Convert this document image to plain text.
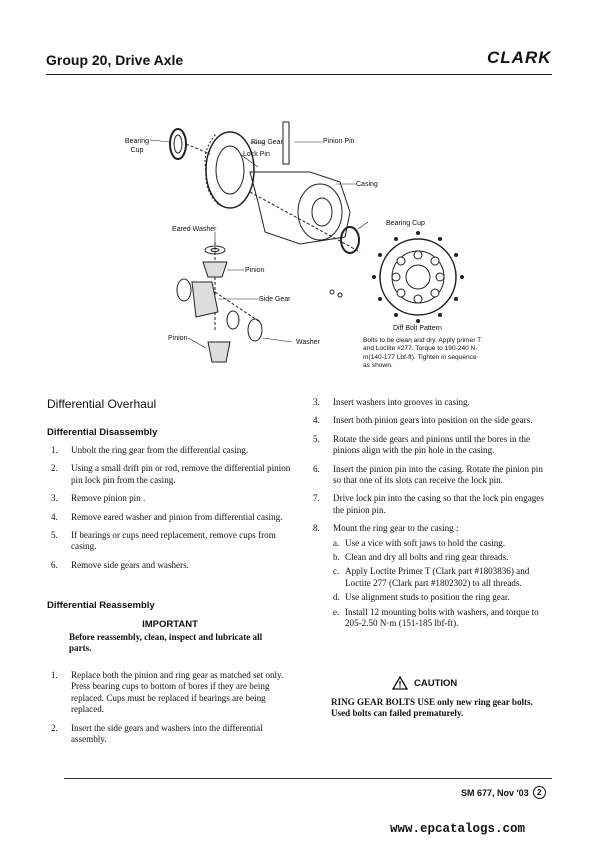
Group 20, Drive Axle	CLARK
Bearing
Cup
Ring Gear	Pinion Pin
Lock Pin
Casing
Eared Washer
Bearing Cup
Pinion
Side Gear
Pinion
Washer
Diff Bolt Pattern
Bolts to be clean and dry. Apply primer T and Loctite #277. Torque to 190-240 N-m(140-177 Lbf-ft). Tighten in sequence as shown.
Differential Overhaul
Differential Disassembly
1. Unbolt the ring gear from the differential casing.
2. Using a small drift pin or rod, remove the differential pinion pin lock pin from the casing.
3. Remove pinion pin .
4. Remove eared washer and pinion from differential casing.
5. If bearings or cups need replacement, remove cups from casing.
6. Remove side gears and washers.
Differential Reassembly
IMPORTANT
Before reassembly, clean, inspect and lubricate all parts.
1. Replace both the pinion and ring gear as matched set only. Press bearing cups to bottom of bores if they are being replaced. Cups must be replaced if bearings are being replaced.
2. Insert the side gears and washers into the differential assembly.
3. Insert washers into grooves in casing.
4. Insert both pinion gears into position on the side gears.
5. Rotate the side gears and pinions until the bores in the pinions align with the pin hole in the casing.
6. Insert the pinion pin into the casing. Rotate the pinion pin so that one of its slots can receive the lock pin.
7. Drive lock pin into the casing so that the lock pin engages the pinion pin.
8. Mount the ring gear to the casing :
a. Use a vice with soft jaws to hold the casing.
b. Clean and dry all bolts and ring gear threads.
c. Apply Loctite Primer T (Clark part #1803836) and Loctite 277 (Clark part #1802302) to all threads.
d. Use alignment studs to position the ring gear.
e. Install 12 mounting bolts with washers, and torque to 205-2.50 N·m (151-185 lbf-ft).
! CAUTION
RING GEAR BOLTS USE only new ring gear bolts. Used bolts can failed prematurely.
SM 677, Nov '03	2
www.epcatalogs.com
